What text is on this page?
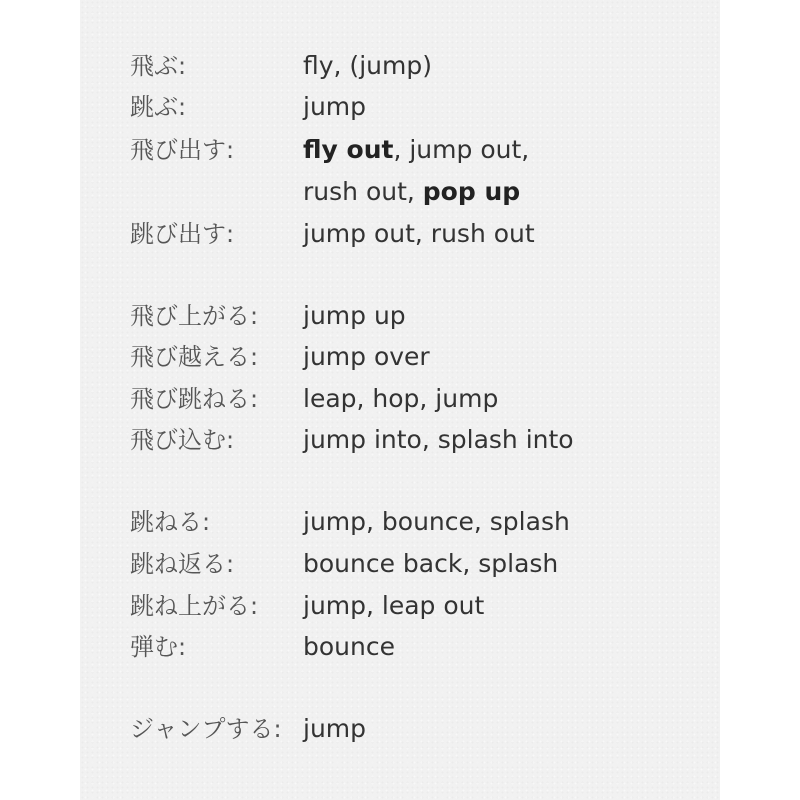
飛ぶ:	fly, (jump)
跳ぶ:	jump
飛び出す:	fly out, jump out,
rush out, pop up
跳び出す:	jump out, rush out
飛び上がる: jump up
飛び越える: jump over
飛び跳ねる: leap, hop, jump
飛び込む:	jump into, splash into
跳ねる:	jump, bounce, splash
跳ね返る:	bounce back, splash
跳ね上がる: jump, leap out
弾む:	bounce
ジャンプする: jump
